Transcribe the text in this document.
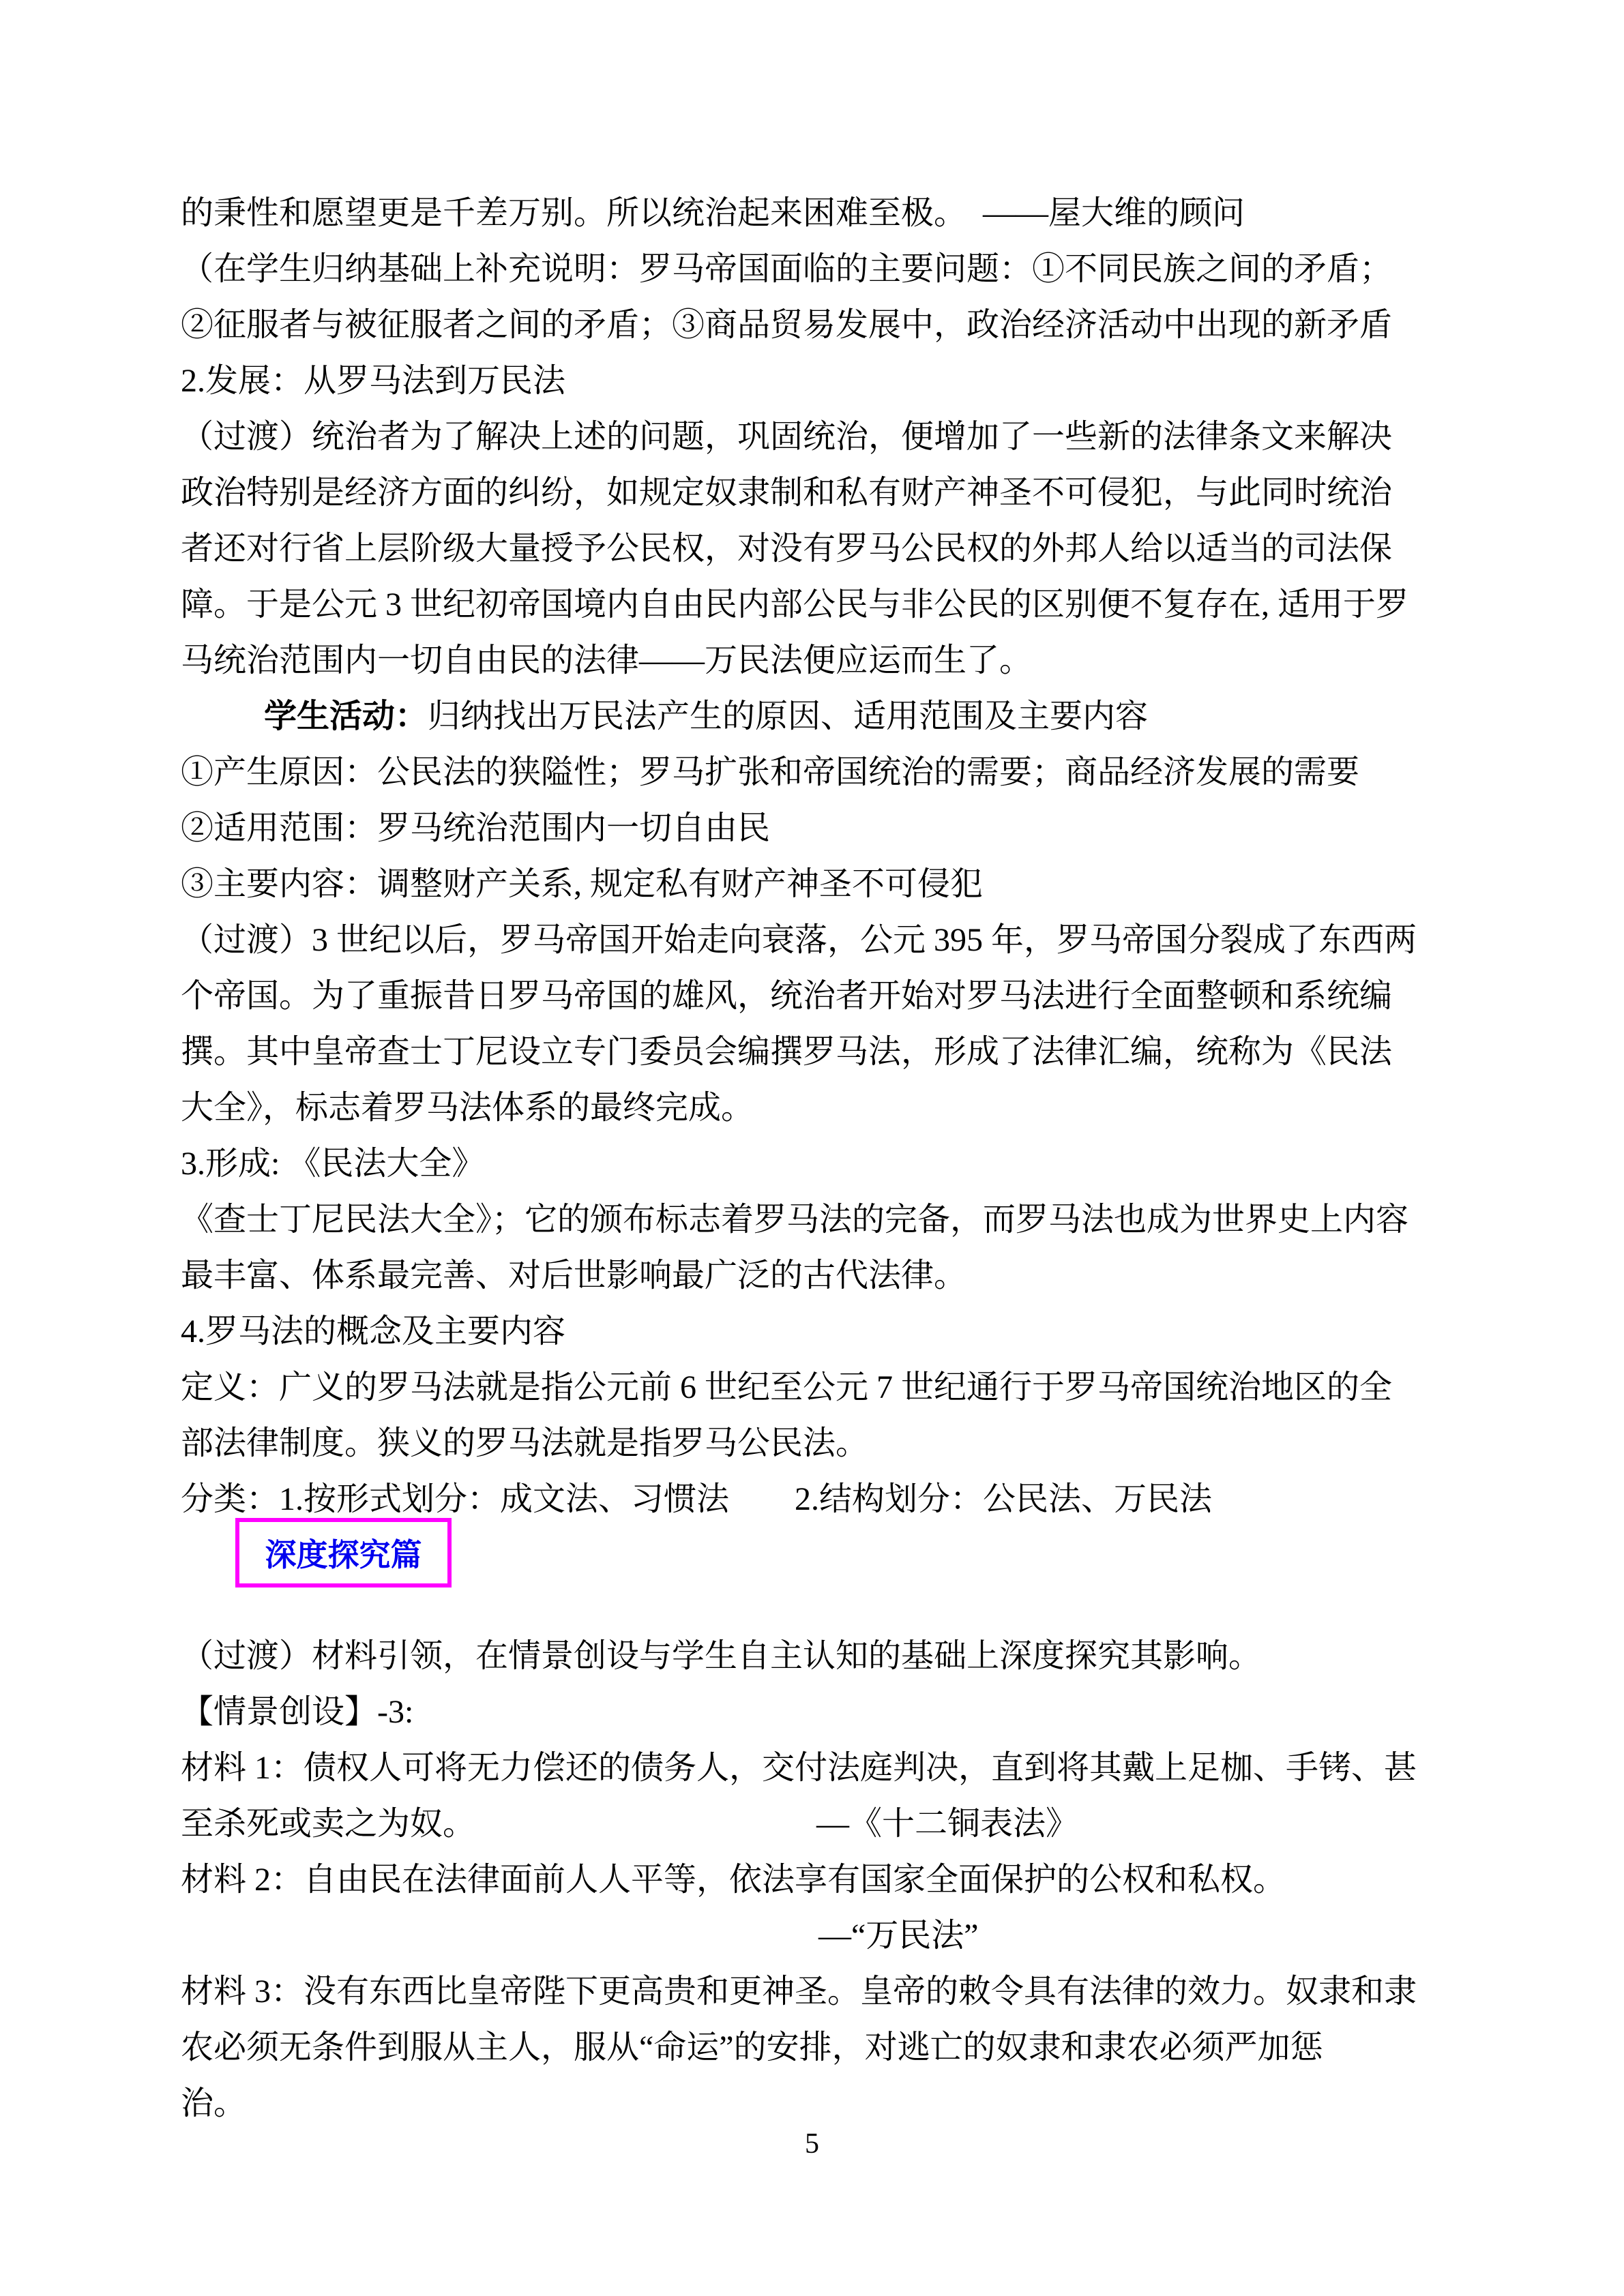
的秉性和愿望更是千差万别。所以统治起来困难至极。　——屋大维的顾问
（在学生归纳基础上补充说明：罗马帝国面临的主要问题：①不同民族之间的矛盾；
②征服者与被征服者之间的矛盾；③商品贸易发展中，政治经济活动中出现的新矛盾
2.发展：从罗马法到万民法
（过渡）统治者为了解决上述的问题，巩固统治，便增加了一些新的法律条文来解决
政治特别是经济方面的纠纷，如规定奴隶制和私有财产神圣不可侵犯，与此同时统治
者还对行省上层阶级大量授予公民权，对没有罗马公民权的外邦人给以适当的司法保
障。于是公元 3 世纪初帝国境内自由民内部公民与非公民的区别便不复存在, 适用于罗
马统治范围内一切自由民的法律——万民法便应运而生了。
学生活动：归纳找出万民法产生的原因、适用范围及主要内容
①产生原因：公民法的狭隘性；罗马扩张和帝国统治的需要；商品经济发展的需要
②适用范围：罗马统治范围内一切自由民
③主要内容：调整财产关系, 规定私有财产神圣不可侵犯
（过渡）3 世纪以后，罗马帝国开始走向衰落，公元 395 年，罗马帝国分裂成了东西两
个帝国。为了重振昔日罗马帝国的雄风，统治者开始对罗马法进行全面整顿和系统编
撰。其中皇帝查士丁尼设立专门委员会编撰罗马法，形成了法律汇编，统称为《民法
大全》，标志着罗马法体系的最终完成。
3.形成: 《民法大全》
《查士丁尼民法大全》；它的颁布标志着罗马法的完备，而罗马法也成为世界史上内容
最丰富、体系最完善、对后世影响最广泛的古代法律。
4.罗马法的概念及主要内容
定义：广义的罗马法就是指公元前 6 世纪至公元 7 世纪通行于罗马帝国统治地区的全
部法律制度。狭义的罗马法就是指罗马公民法。
分类：1.按形式划分：成文法、习惯法　　2.结构划分：公民法、万民法
深度探究篇
（过渡）材料引领，在情景创设与学生自主认知的基础上深度探究其影响。
【情景创设】-3:
材料 1：债权人可将无力偿还的债务人，交付法庭判决，直到将其戴上足枷、手铐、甚
至杀死或卖之为奴。	—《十二铜表法》
材料 2：自由民在法律面前人人平等，依法享有国家全面保护的公权和私权。
—“万民法”
材料 3：没有东西比皇帝陛下更高贵和更神圣。皇帝的敕令具有法律的效力。奴隶和隶
农必须无条件到服从主人，服从“命运”的安排，对逃亡的奴隶和隶农必须严加惩
治。
5
